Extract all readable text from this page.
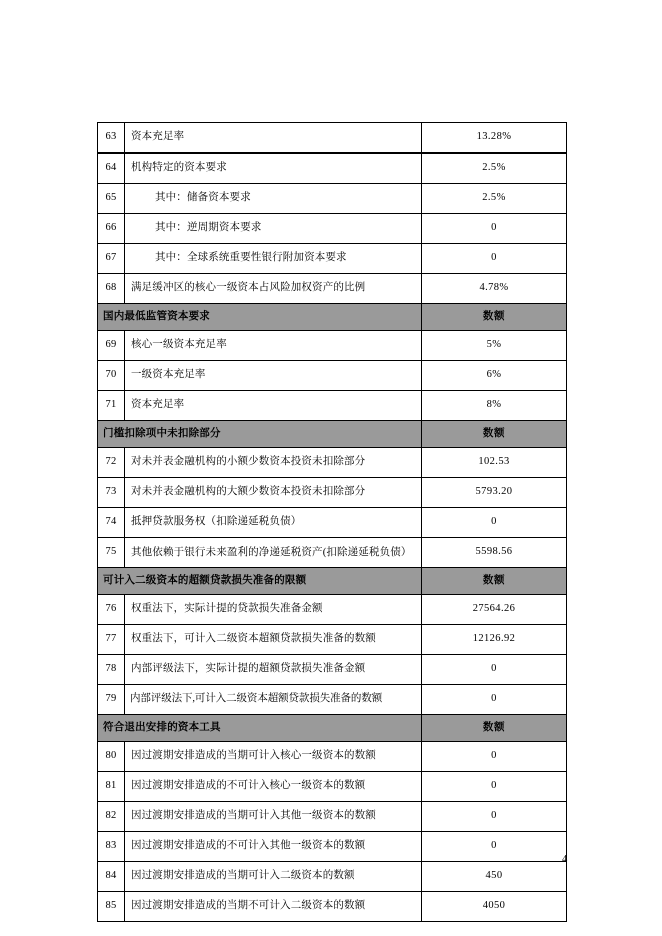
63	资本充足率	13.28%
64	机构特定的资本要求	2.5%
65	其中：储备资本要求	2.5%
66	其中：逆周期资本要求	0
67	其中：全球系统重要性银行附加资本要求	0
68	满足缓冲区的核心一级资本占风险加权资产的比例	4.78%
国内最低监管资本要求		数额
69	核心一级资本充足率	5%
70	一级资本充足率	6%
71	资本充足率	8%
门槛扣除项中未扣除部分		数额
72	对未并表金融机构的小额少数资本投资未扣除部分	102.53
73	对未并表金融机构的大额少数资本投资未扣除部分	5793.20
74	抵押贷款服务权（扣除递延税负债）	0
75	其他依赖于银行未来盈利的净递延税资产(扣除递延税负债）	5598.56
可计入二级资本的超额贷款损失准备的限额		数额
76	权重法下，实际计提的贷款损失准备金额	27564.26
77	权重法下，可计入二级资本超额贷款损失准备的数额	12126.92
78	内部评级法下，实际计提的超额贷款损失准备金额	0
79	内部评级法下,可计入二级资本超额贷款损失准备的数额	0
符合退出安排的资本工具		数额
80	因过渡期安排造成的当期可计入核心一级资本的数额	0
81	因过渡期安排造成的不可计入核心一级资本的数额	0
82	因过渡期安排造成的当期可计入其他一级资本的数额	0
83	因过渡期安排造成的不可计入其他一级资本的数额	0
84	因过渡期安排造成的当期可计入二级资本的数额	450
85	因过渡期安排造成的当期不可计入二级资本的数额	4050
4
